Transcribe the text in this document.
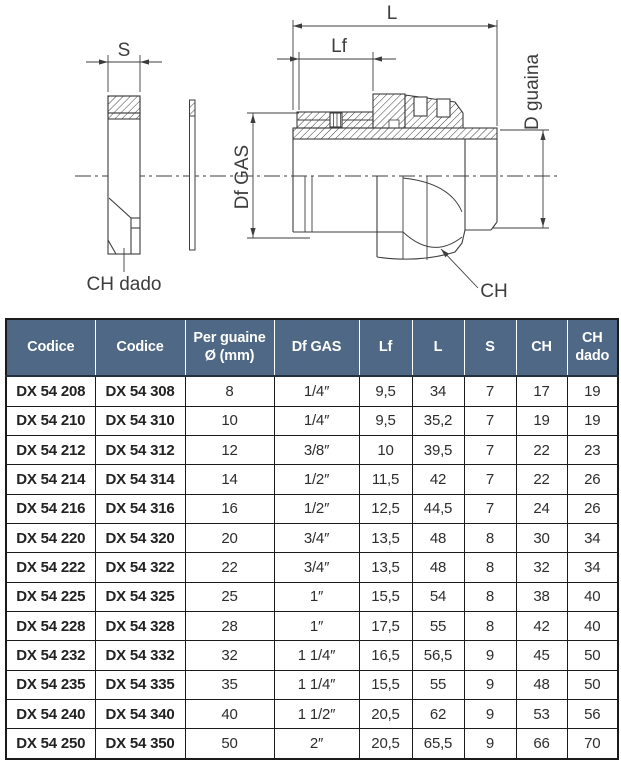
S
L
Lf
Df GAS
D guaina
CH
CH dado
Codice	Codice	Per guaine Ø (mm)	Df GAS	Lf	L	S	CH	CH dado
DX 54 208	DX 54 308	8	1/4″	9,5	34	7	17	19
DX 54 210	DX 54 310	10	1/4″	9,5	35,2	7	19	19
DX 54 212	DX 54 312	12	3/8″	10	39,5	7	22	23
DX 54 214	DX 54 314	14	1/2″	11,5	42	7	22	26
DX 54 216	DX 54 316	16	1/2″	12,5	44,5	7	24	26
DX 54 220	DX 54 320	20	3/4″	13,5	48	8	30	34
DX 54 222	DX 54 322	22	3/4″	13,5	48	8	32	34
DX 54 225	DX 54 325	25	1″	15,5	54	8	38	40
DX 54 228	DX 54 328	28	1″	17,5	55	8	42	40
DX 54 232	DX 54 332	32	1 1/4″	16,5	56,5	9	45	50
DX 54 235	DX 54 335	35	1 1/4″	15,5	55	9	48	50
DX 54 240	DX 54 340	40	1 1/2″	20,5	62	9	53	56
DX 54 250	DX 54 350	50	2″	20,5	65,5	9	66	70
